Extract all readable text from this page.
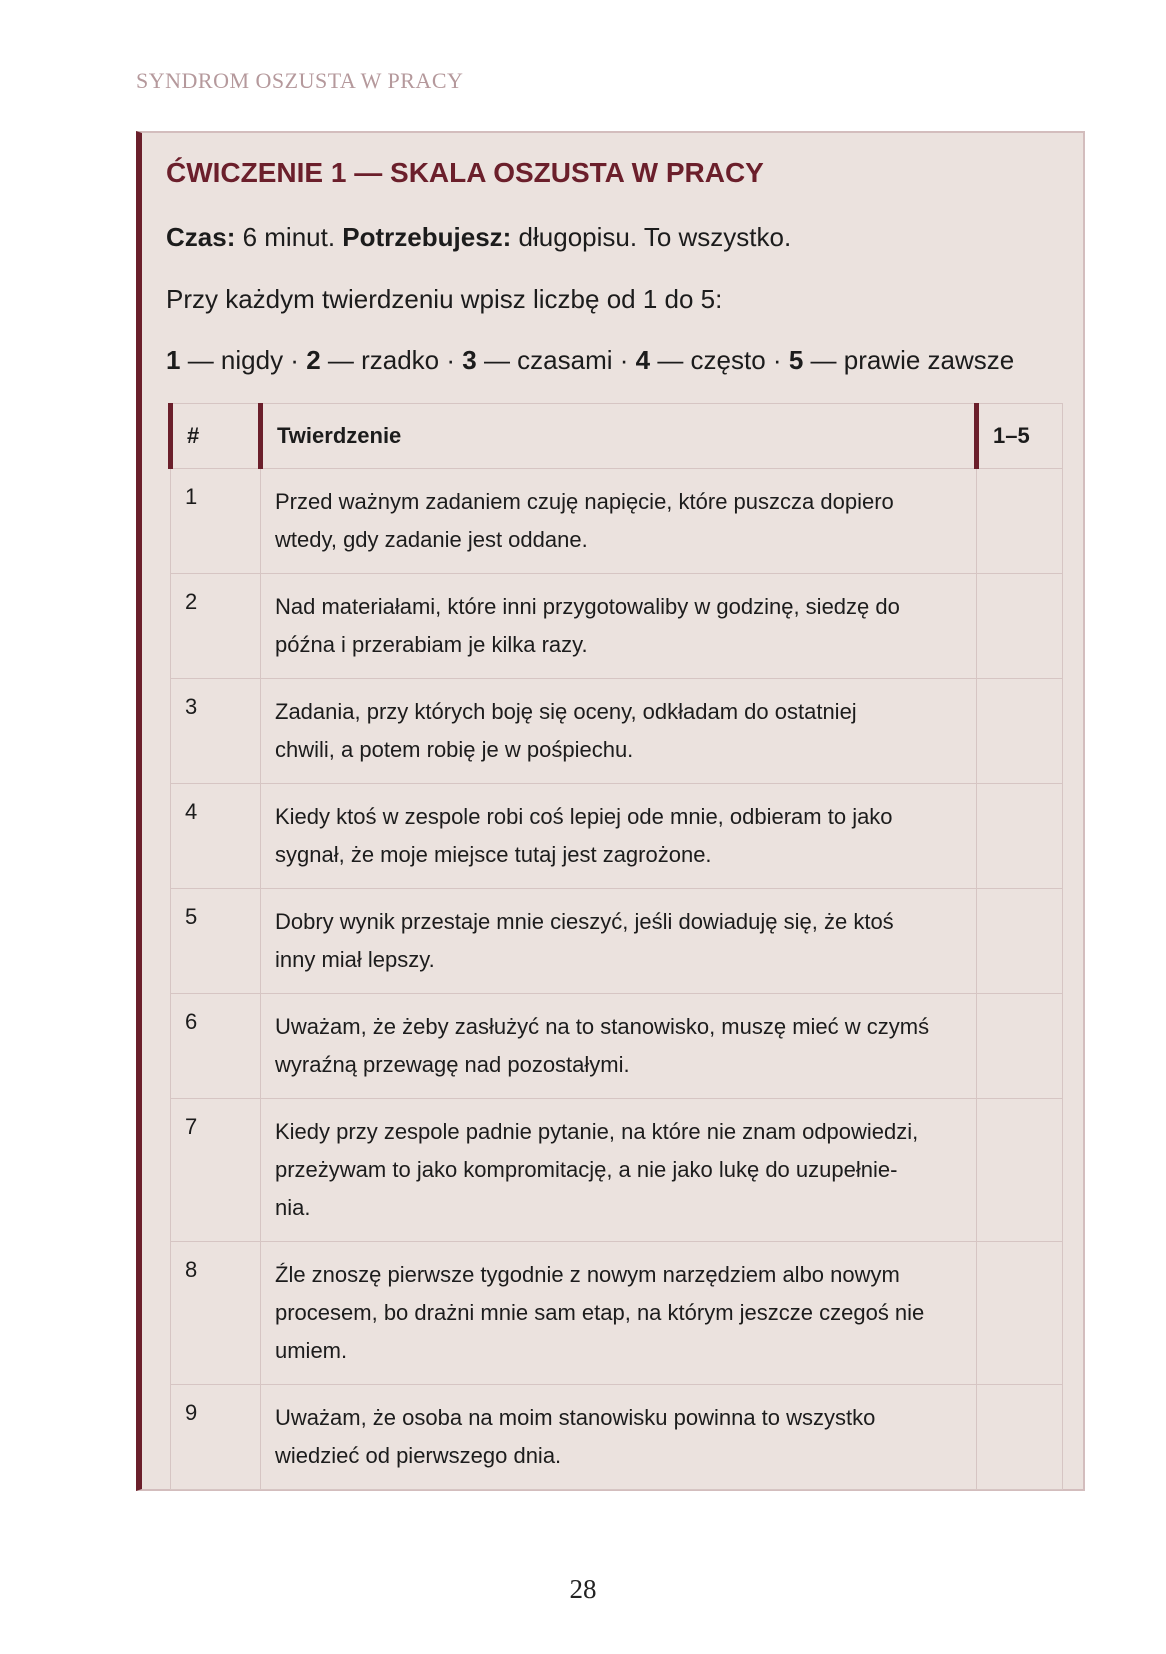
SYNDROM OSZUSTA W PRACY
ĆWICZENIE 1 — SKALA OSZUSTA W PRACY
Czas: 6 minut. Potrzebujesz: długopisu. To wszystko.
Przy każdym twierdzeniu wpisz liczbę od 1 do 5:
1 — nigdy · 2 — rzadko · 3 — czasami · 4 — często · 5 — prawie zawsze
#	Twierdzenie	1–5
1	Przed ważnym zadaniem czuję napięcie, które puszcza dopiero
wtedy, gdy zadanie jest oddane.	

2	Nad materiałami, które inni przygotowaliby w godzinę, siedzę do
późna i przerabiam je kilka razy.	

3	Zadania, przy których boję się oceny, odkładam do ostatniej
chwili, a potem robię je w pośpiechu.	

4	Kiedy ktoś w zespole robi coś lepiej ode mnie, odbieram to jako
sygnał, że moje miejsce tutaj jest zagrożone.	

5	Dobry wynik przestaje mnie cieszyć, jeśli dowiaduję się, że ktoś
inny miał lepszy.	

6	Uważam, że żeby zasłużyć na to stanowisko, muszę mieć w czymś
wyraźną przewagę nad pozostałymi.	

7	Kiedy przy zespole padnie pytanie, na które nie znam odpowiedzi,
przeżywam to jako kompromitację, a nie jako lukę do uzupełnie-
nia.	

8	Źle znoszę pierwsze tygodnie z nowym narzędziem albo nowym
procesem, bo drażni mnie sam etap, na którym jeszcze czegoś nie
umiem.	

9	Uważam, że osoba na moim stanowisku powinna to wszystko
wiedzieć od pierwszego dnia.	

28
